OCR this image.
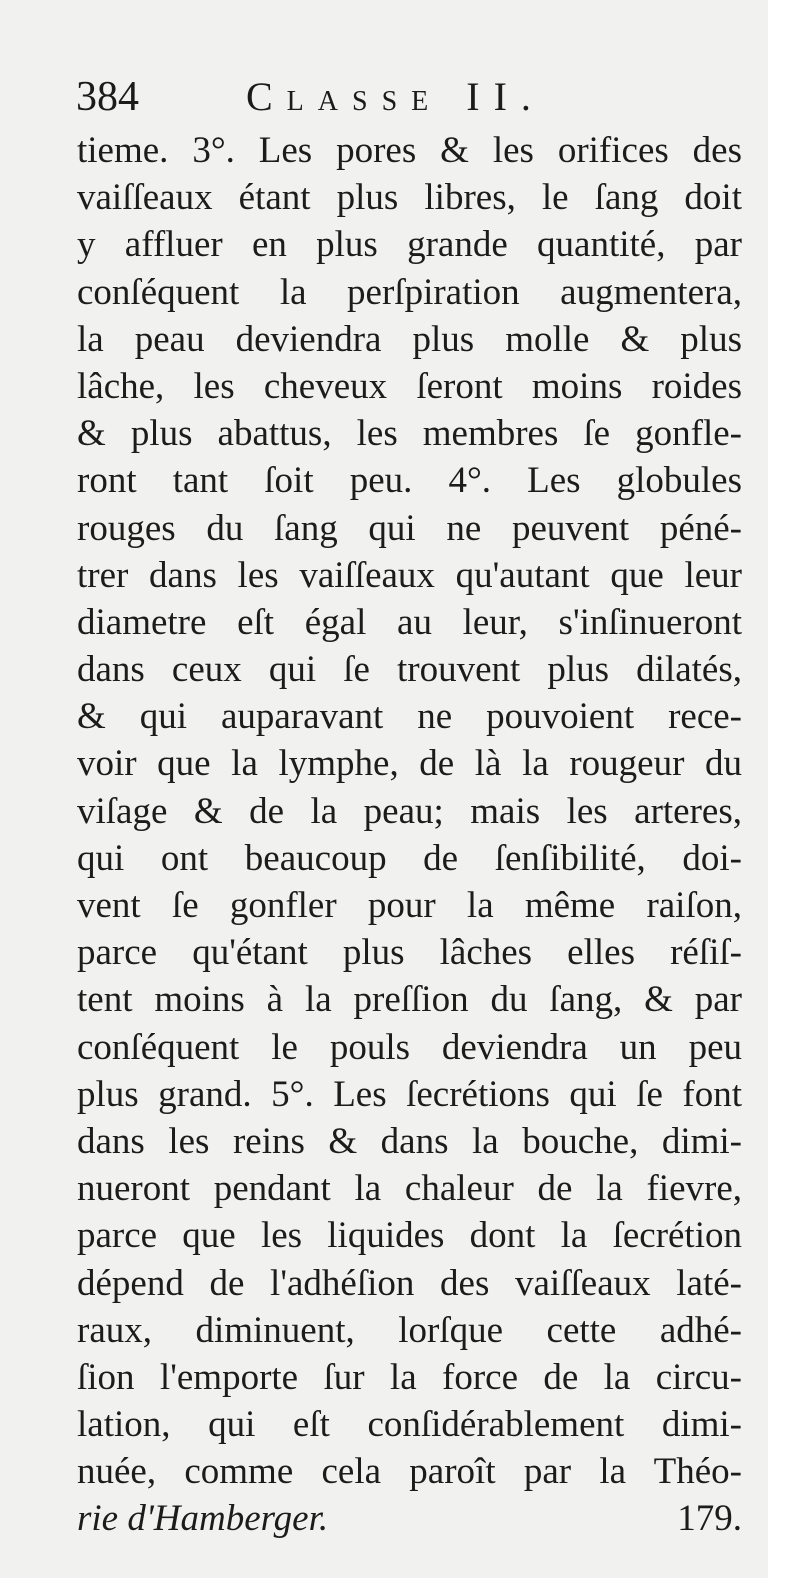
384	Classe II.
tieme. 3°. Les pores & les orifices des
vaiſſeaux étant plus libres, le ſang doit
y affluer en plus grande quantité, par
conſéquent la perſpiration augmentera,
la peau deviendra plus molle & plus
lâche, les cheveux ſeront moins roides
& plus abattus, les membres ſe gonfle-
ront tant ſoit peu. 4°. Les globules
rouges du ſang qui ne peuvent péné-
trer dans les vaiſſeaux qu'autant que leur
diametre eſt égal au leur, s'inſinueront
dans ceux qui ſe trouvent plus dilatés,
& qui auparavant ne pouvoient rece-
voir que la lymphe, de là la rougeur du
viſage & de la peau; mais les arteres,
qui ont beaucoup de ſenſibilité, doi-
vent ſe gonfler pour la même raiſon,
parce qu'étant plus lâches elles réſiſ-
tent moins à la preſſion du ſang, & par
conſéquent le pouls deviendra un peu
plus grand. 5°. Les ſecrétions qui ſe font
dans les reins & dans la bouche, dimi-
nueront pendant la chaleur de la fievre,
parce que les liquides dont la ſecrétion
dépend de l'adhéſion des vaiſſeaux laté-
raux, diminuent, lorſque cette adhé-
ſion l'emporte ſur la force de la circu-
lation, qui eſt conſidérablement dimi-
nuée, comme cela paroît par la Théo-
rie d'Hamberger.	179.
